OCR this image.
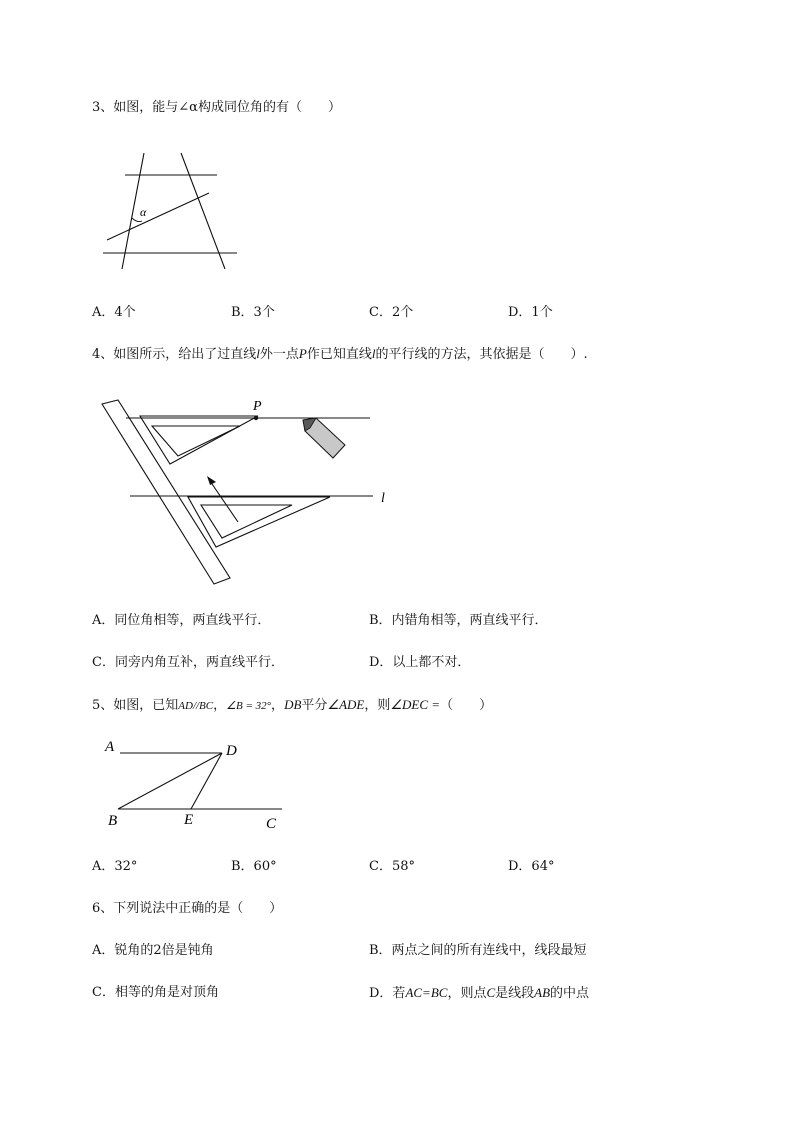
3、如图，能与∠α构成同位角的有（　　）
α
A．4个	B．3个	C．2个	D．1个
4、如图所示，给出了过直线l外一点P作已知直线l的平行线的方法，其依据是（　　）.
P
l
A．同位角相等，两直线平行．	B．内错角相等，两直线平行．
C．同旁内角互补，两直线平行．	D．以上都不对．
5、如图，已知AD//BC，∠B = 32°，DB平分∠ADE，则∠DEC =（　　）
A	D
B	E	C
A．32°	B．60°	C．58°	D．64°
6、下列说法中正确的是（　　）
A．锐角的2倍是钝角	B．两点之间的所有连线中，线段最短
C．相等的角是对顶角	D．若AC=BC，则点C是线段AB的中点
